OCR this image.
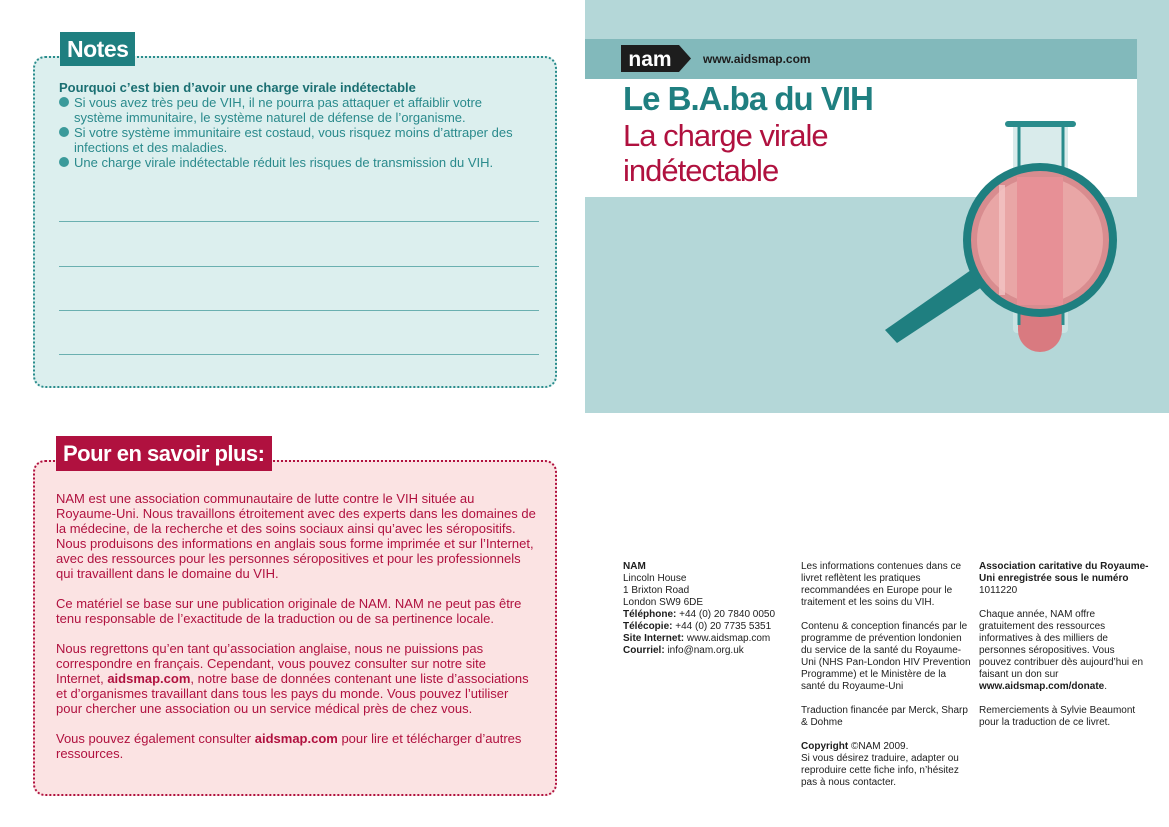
Notes
Pourquoi c’est bien d’avoir une charge virale indétectable
Si vous avez très peu de VIH, il ne pourra pas attaquer et affaiblir votre système immunitaire, le système naturel de défense de l’organisme.
Si votre système immunitaire est costaud, vous risquez moins d’attraper des infections et des maladies.
Une charge virale indétectable réduit les risques de transmission du VIH.
Pour en savoir plus:

NAM est une association communautaire de lutte contre le VIH située au Royaume-Uni. Nous travaillons étroitement avec des experts dans les domaines de la médecine, de la recherche et des soins sociaux ainsi qu’avec les séropositifs. Nous produisons des informations en anglais sous forme imprimée et sur l’Internet, avec des ressources pour les personnes séropositives et pour les professionnels qui travaillent dans le domaine du VIH.

Ce matériel se base sur une publication originale de NAM. NAM ne peut pas être tenu responsable de l’exactitude de la traduction ou de sa pertinence locale.

Nous regrettons qu’en tant qu’association anglaise, nous ne puissions pas correspondre en français. Cependant, vous pouvez consulter sur notre site Internet, aidsmap.com, notre base de données contenant une liste d’associations et d’organismes travaillant dans tous les pays du monde. Vous pouvez l’utiliser pour chercher une association ou un service médical près de chez vous.

Vous pouvez également consulter aidsmap.com pour lire et télécharger d’autres ressources.

nam	www.aidsmap.com
Le B.A.ba du VIH
La charge virale
indétectable
NAM
Lincoln House
1 Brixton Road
London SW9 6DE
Téléphone: +44 (0) 20 7840 0050
Télécopie: +44 (0) 20 7735 5351
Site Internet: www.aidsmap.com
Courriel: info@nam.org.uk

Les informations contenues dans ce livret reflètent les pratiques recommandées en Europe pour le traitement et les soins du VIH.

Contenu & conception financés par le programme de prévention londonien du service de la santé du Royaume-Uni (NHS Pan-London HIV Prevention Programme) et le Ministère de la santé du Royaume-Uni

Traduction financée par Merck, Sharp & Dohme

Copyright ©NAM 2009.
Si vous désirez traduire, adapter ou reproduire cette fiche info, n’hésitez pas à nous contacter.

Association caritative du Royaume-Uni enregistrée sous le numéro 1011220

Chaque année, NAM offre gratuitement des ressources informatives à des milliers de personnes séropositives. Vous pouvez contribuer dès aujourd’hui en faisant un don sur www.aidsmap.com/donate.

Remerciements à Sylvie Beaumont pour la traduction de ce livret.
